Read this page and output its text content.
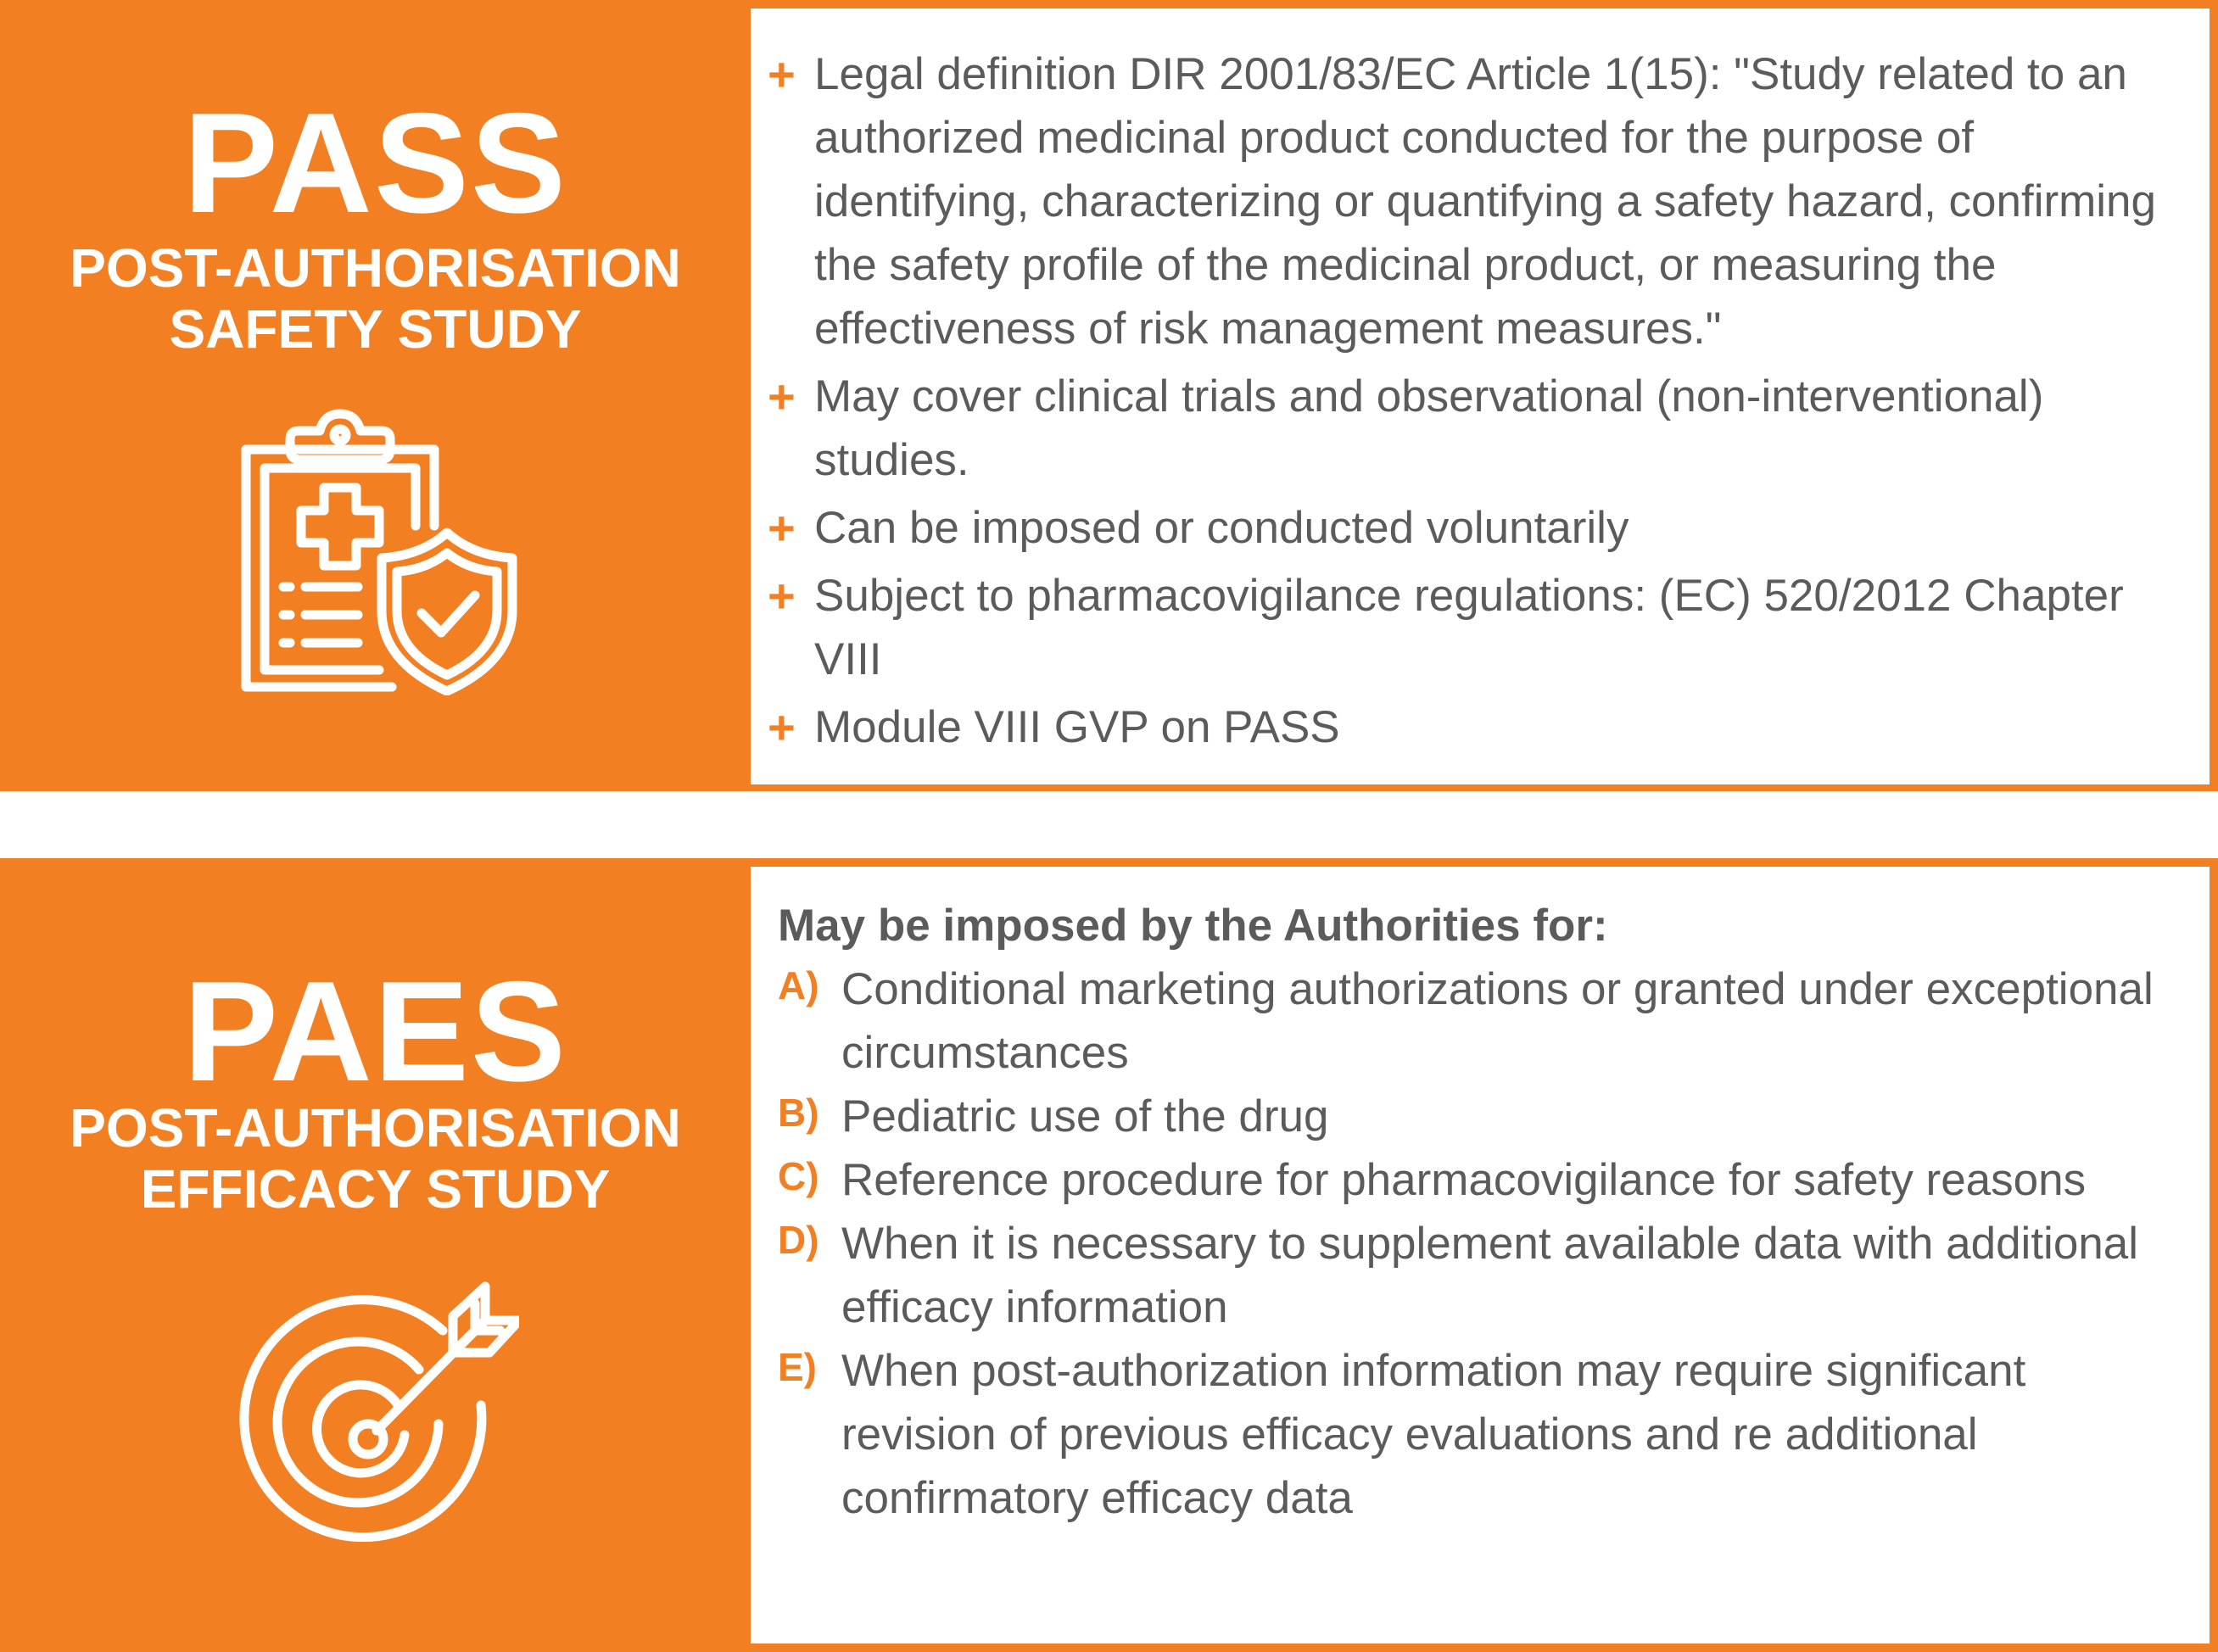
PASS
POST-AUTHORISATION
SAFETY STUDY
+ Legal definition DIR 2001/83/EC Article 1(15): "Study related to an authorized medicinal product conducted for the purpose of identifying, characterizing or quantifying a safety hazard, confirming the safety profile of the medicinal product, or measuring the effectiveness of risk management measures."
+ May cover clinical trials and observational (non-interventional) studies.
+ Can be imposed or conducted voluntarily
+ Subject to pharmacovigilance regulations: (EC) 520/2012 Chapter VIII
+ Module VIII GVP on PASS
PAES
POST-AUTHORISATION
EFFICACY STUDY
May be imposed by the Authorities for:
A) Conditional marketing authorizations or granted under exceptional circumstances
B) Pediatric use of the drug
C) Reference procedure for pharmacovigilance for safety reasons
D) When it is necessary to supplement available data with additional efficacy information
E) When post-authorization information may require significant revision of previous efficacy evaluations and re additional confirmatory efficacy data
